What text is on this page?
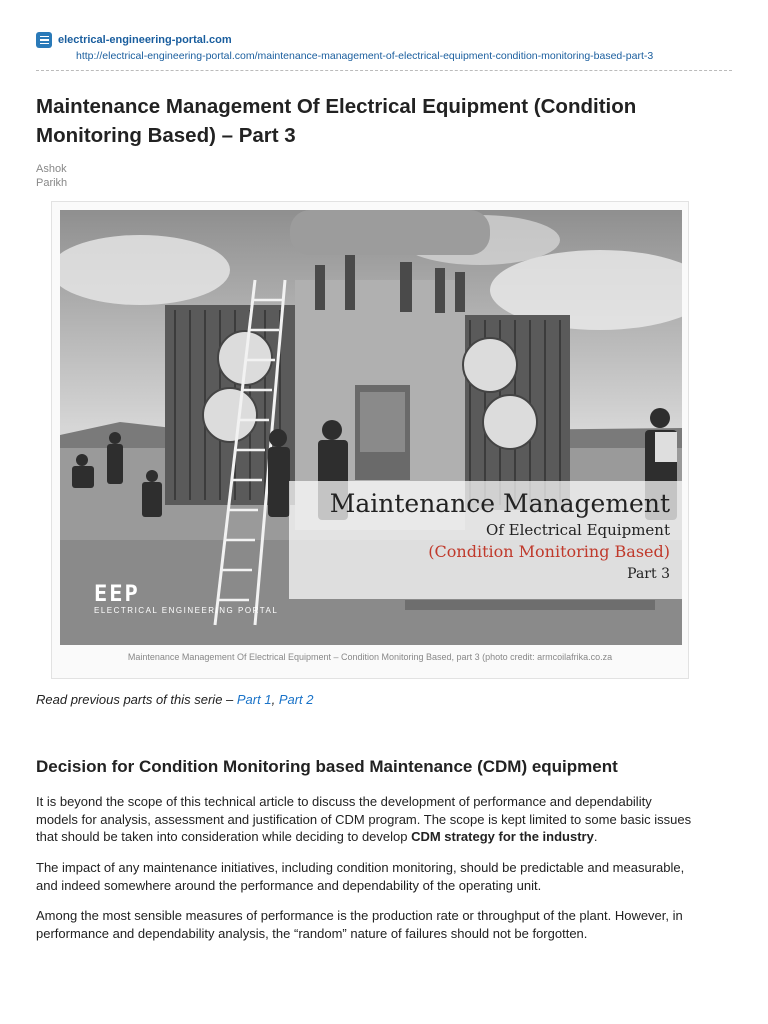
electrical-engineering-portal.com
http://electrical-engineering-portal.com/maintenance-management-of-electrical-equipment-condition-monitoring-based-part-3
Maintenance Management Of Electrical Equipment (Condition Monitoring Based) – Part 3
Ashok
Parikh
Maintenance Management
Of Electrical Equipment
(Condition Monitoring Based)
Part 3
EEP
ELECTRICAL ENGINEERING PORTAL
Maintenance Management Of Electrical Equipment – Condition Monitoring Based, part 3 (photo credit: armcoilafrika.co.za
Read previous parts of this serie – Part 1, Part 2
Decision for Condition Monitoring based Maintenance (CDM) equipment
It is beyond the scope of this technical article to discuss the development of performance and dependability
models for analysis, assessment and justification of CDM program. The scope is kept limited to some basic issues
that should be taken into consideration while deciding to develop CDM strategy for the industry.
The impact of any maintenance initiatives, including condition monitoring, should be predictable and measurable,
and indeed somewhere around the performance and dependability of the operating unit.
Among the most sensible measures of performance is the production rate or throughput of the plant. However, in
performance and dependability analysis, the “random” nature of failures should not be forgotten.
